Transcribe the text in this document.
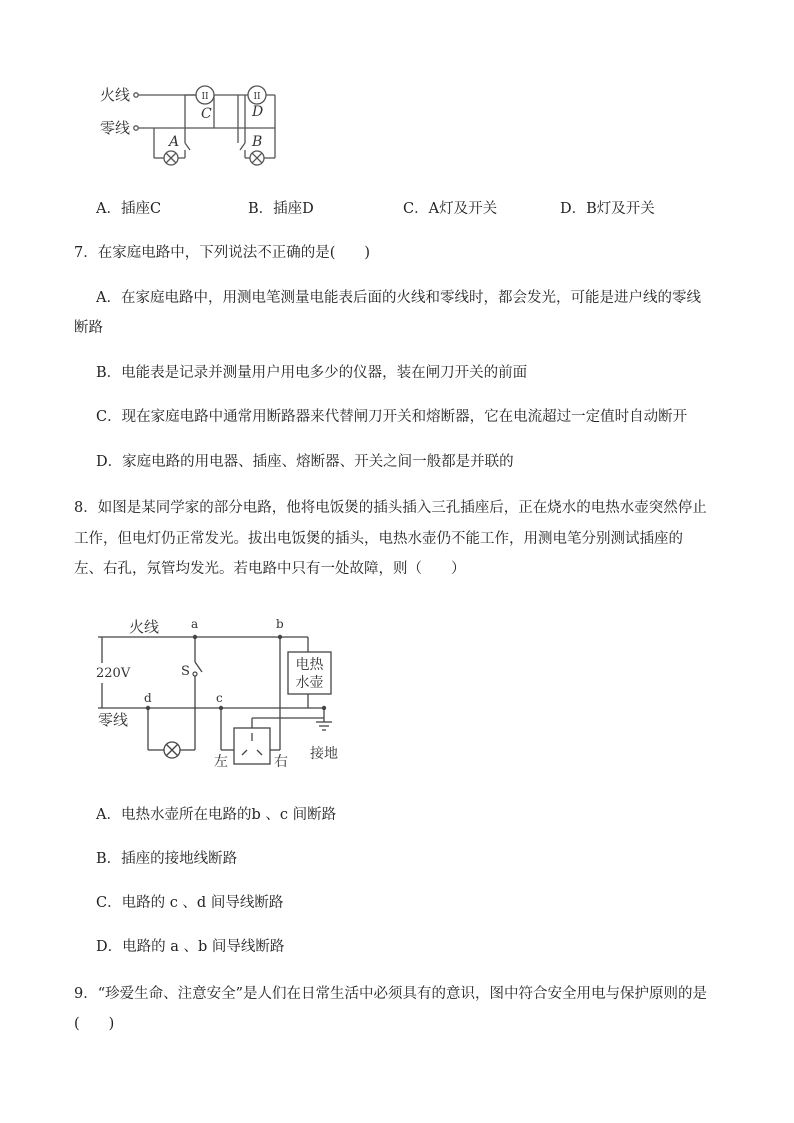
II	II
火线
零线
A	B
C	D
A．插座C	B．插座D	C．A灯及开关	D．B灯及开关
7．在家庭电路中，下列说法不正确的是(　　)
A．在家庭电路中，用测电笔测量电能表后面的火线和零线时，都会发光，可能是进户线的零线
断路
B．电能表是记录并测量用户用电多少的仪器，装在闸刀开关的前面
C．现在家庭电路中通常用断路器来代替闸刀开关和熔断器，它在电流超过一定值时自动断开
D．家庭电路的用电器、插座、熔断器、开关之间一般都是并联的
8．如图是某同学家的部分电路，他将电饭煲的插头插入三孔插座后，正在烧水的电热水壶突然停止
工作，但电灯仍正常发光。拔出电饭煲的插头，电热水壶仍不能工作，用测电笔分别测试插座的
左、右孔，氖管均发光。若电路中只有一处故障，则（　　）
电热
水壶
火线
零线
220V
a	b
c
d
S
左	右 接地
A．电热水壶所在电路的b 、c 间断路
B．插座的接地线断路
C．电路的 c 、d 间导线断路
D．电路的 a 、b 间导线断路
9．“珍爱生命、注意安全”是人们在日常生活中必须具有的意识，图中符合安全用电与保护原则的是
(　　)
